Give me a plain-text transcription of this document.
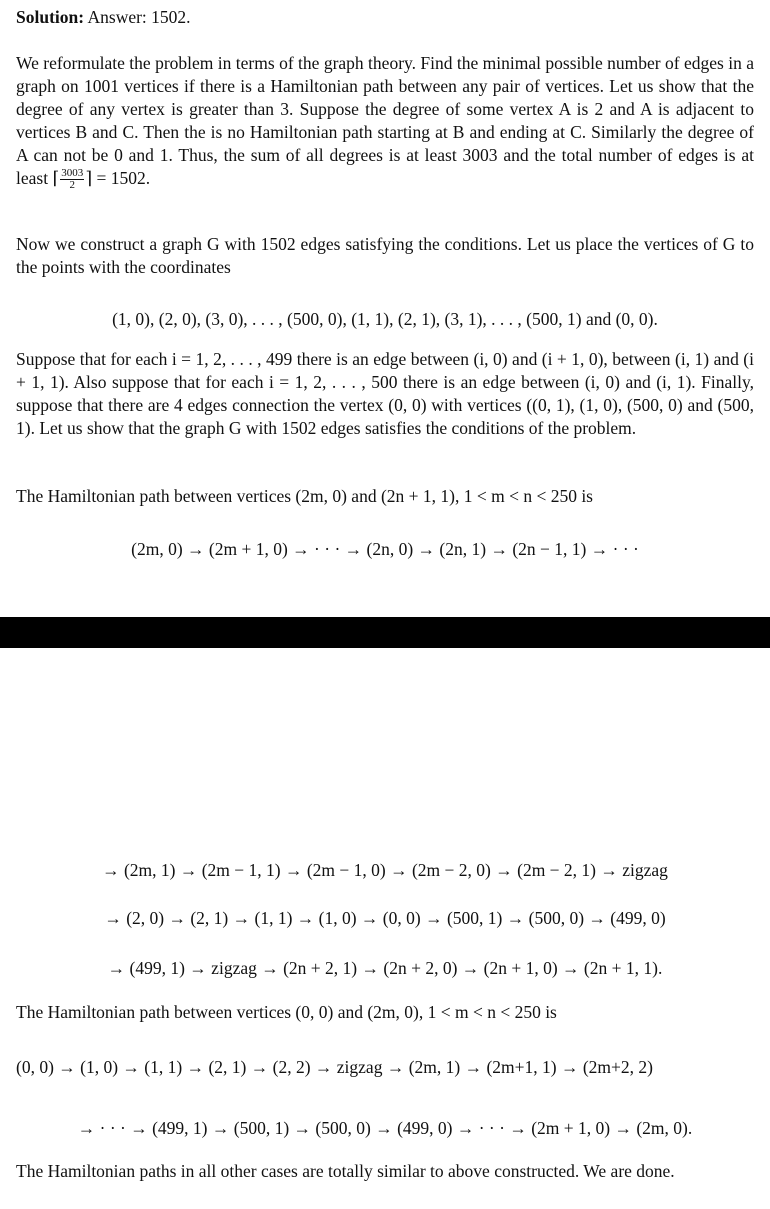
Solution: Answer: 1502.

We reformulate the problem in terms of the graph theory. Find the minimal possible number of edges in a graph on 1001 vertices if there is a Hamiltonian path between any pair of vertices. Let us show that the degree of any vertex is greater than 3. Suppose the degree of some vertex A is 2 and A is adjacent to vertices B and C. Then the is no Hamiltonian path starting at B and ending at C. Similarly the degree of A can not be 0 and 1. Thus, the sum of all degrees is at least 3003 and the total number of edges is at least ⌈ $\frac{3003}{2}$ ⌉ = 1502.

Now we construct a graph G with 1502 edges satisfying the conditions. Let us place the vertices of G to the points with the coordinates

(1, 0), (2, 0), (3, 0), . . . , (500, 0), (1, 1), (2, 1), (3, 1), . . . , (500, 1) and (0, 0).

Suppose that for each i = 1, 2, . . . , 499 there is an edge between (i, 0) and (i + 1, 0), between (i, 1) and (i + 1, 1). Also suppose that for each i = 1, 2, . . . , 500 there is an edge between (i, 0) and (i, 1). Finally, suppose that there are 4 edges connection the vertex (0, 0) with vertices ((0, 1), (1, 0), (500, 0) and (500, 1). Let us show that the graph G with 1502 edges satisfies the conditions of the problem.

The Hamiltonian path between vertices (2m, 0) and (2n + 1, 1), 1 < m < n < 250 is

(2m, 0) → (2m + 1, 0) → · · · → (2n, 0) → (2n, 1) → (2n − 1, 1) → · · ·
→ (2m, 1) → (2m − 1, 1) → (2m − 1, 0) → (2m − 2, 0) → (2m − 2, 1) → zigzag
→ (2, 0) → (2, 1) → (1, 1) → (1, 0) → (0, 0) → (500, 1) → (500, 0) → (499, 0)
→ (499, 1) → zigzag → (2n + 2, 1) → (2n + 2, 0) → (2n + 1, 0) → (2n + 1, 1).

The Hamiltonian path between vertices (0, 0) and (2m, 0), 1 < m < n < 250 is

(0, 0) → (1, 0) → (1, 1) → (2, 1) → (2, 2) → zigzag → (2m, 1) → (2m+1, 1) → (2m+2, 2)
→ · · · → (499, 1) → (500, 1) → (500, 0) → (499, 0) → · · · → (2m + 1, 0) → (2m, 0).

The Hamiltonian paths in all other cases are totally similar to above constructed. We are done.
